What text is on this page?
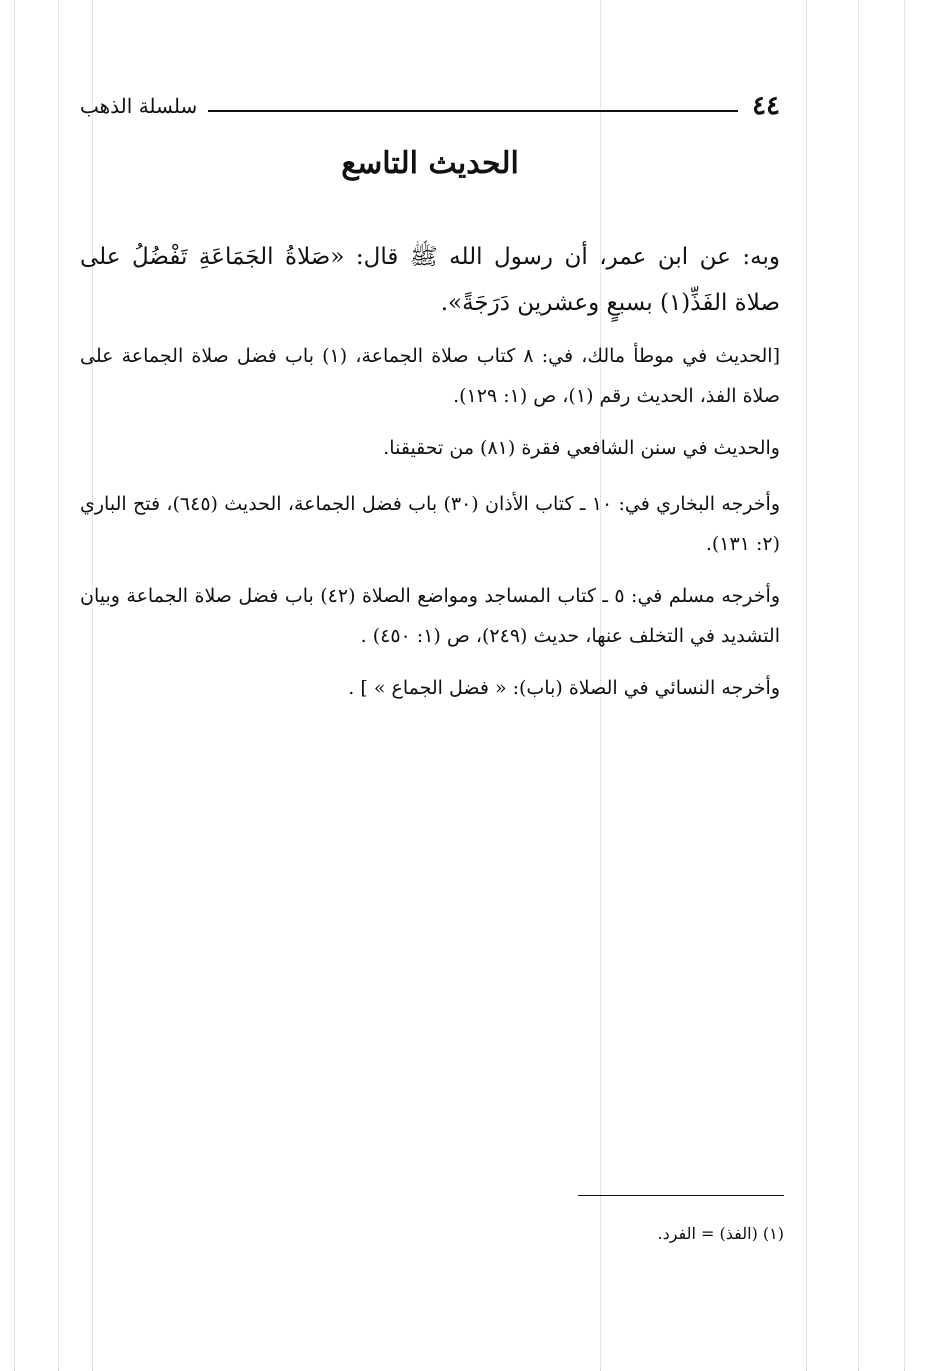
٤٤
سلسلة الذهب
الحديث التاسع

وبه: عن ابن عمر، أن رسول الله ﷺ قال: «صَلاةُ الجَمَاعَةِ تَفْضُلُ على صلاة الفَذِّ(١) بسبعٍ وعشرين دَرَجَةً».

[الحديث في موطأ مالك، في: ٨ كتاب صلاة الجماعة، (١) باب فضل صلاة الجماعة على صلاة الفذ، الحديث رقم (١)، ص (١: ١٢٩).

والحديث في سنن الشافعي فقرة (٨١) من تحقيقنا.

وأخرجه البخاري في: ١٠ ـ كتاب الأذان (٣٠) باب فضل الجماعة، الحديث (٦٤٥)، فتح الباري (٢: ١٣١).

وأخرجه مسلم في: ٥ ـ كتاب المساجد ومواضع الصلاة (٤٢) باب فضل صلاة الجماعة وبيان التشديد في التخلف عنها، حديث (٢٤٩)، ص (١: ٤٥٠) .

وأخرجه النسائي في الصلاة (باب): « فضل الجماع » ] .

(١) (الفذ) = الفرد.
